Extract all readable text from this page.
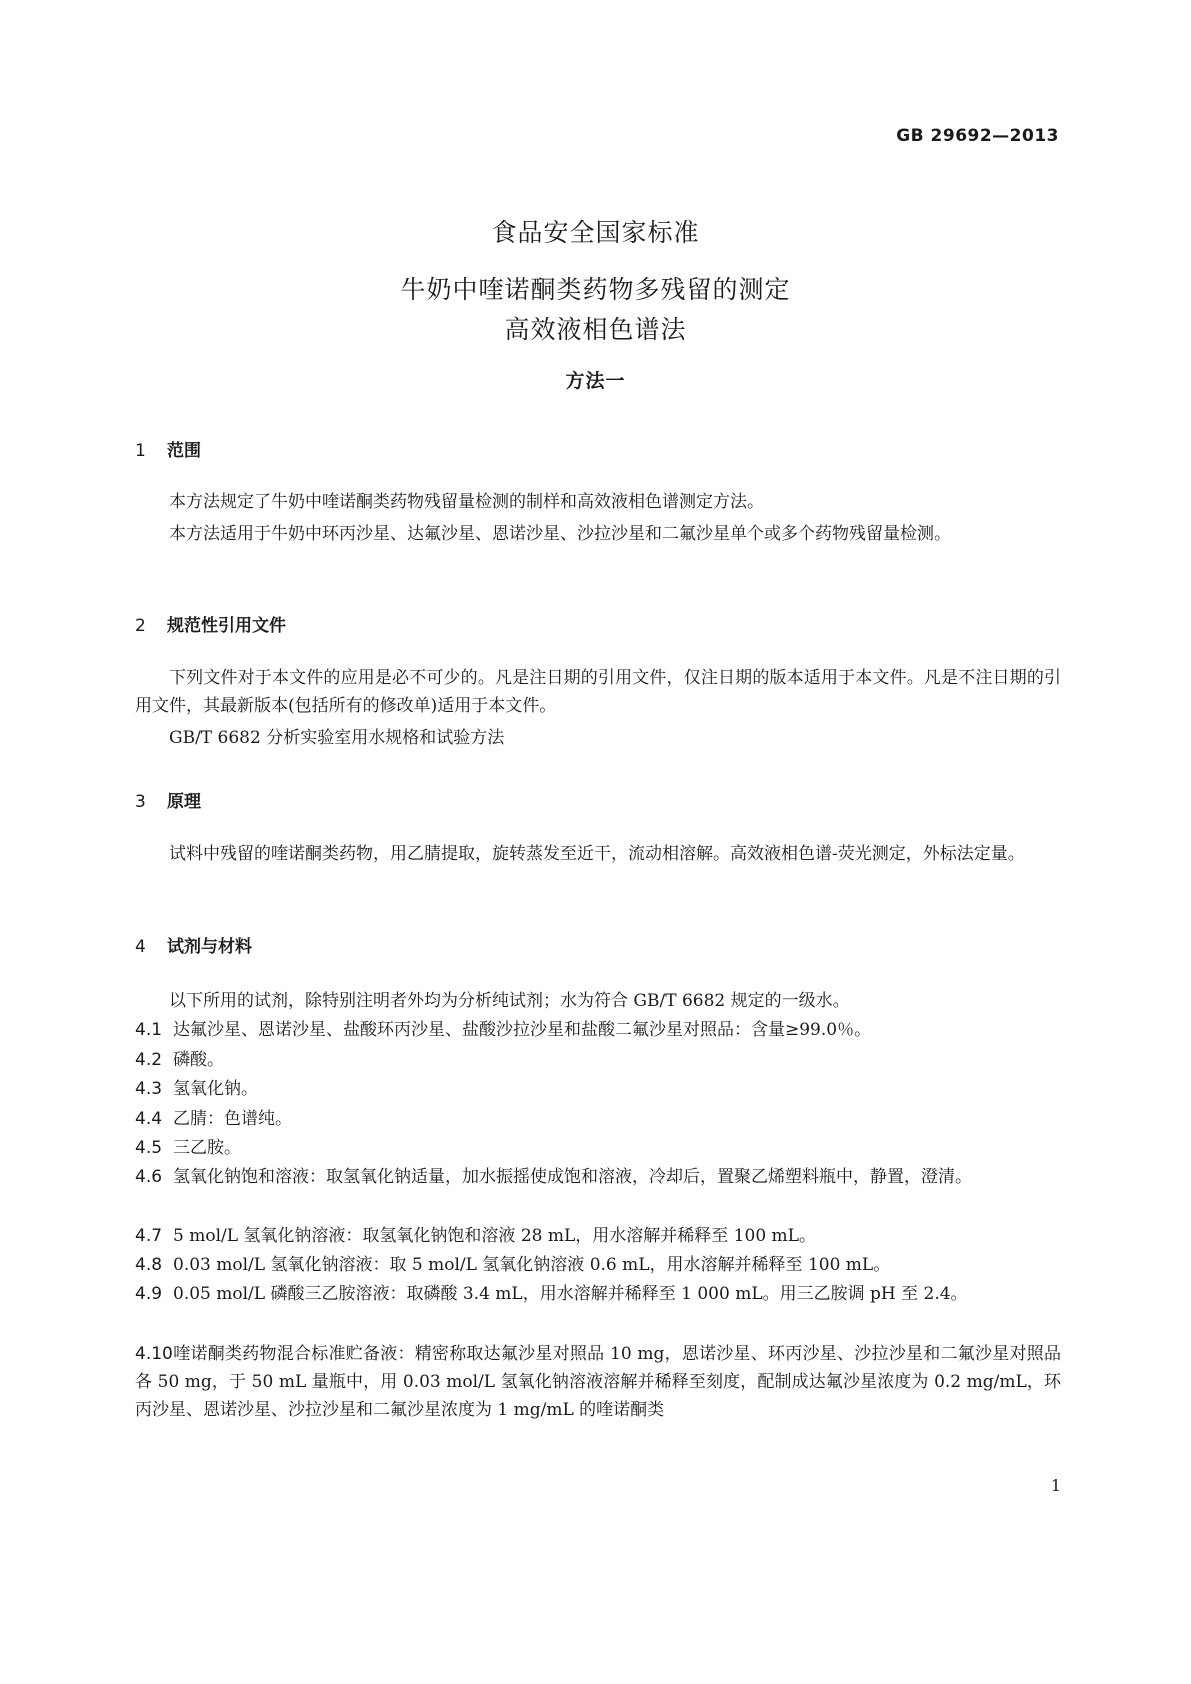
GB 29692—2013
食品安全国家标准
牛奶中喹诺酮类药物多残留的测定
高效液相色谱法
方法一
1 范围
本方法规定了牛奶中喹诺酮类药物残留量检测的制样和高效液相色谱测定方法。
本方法适用于牛奶中环丙沙星、达氟沙星、恩诺沙星、沙拉沙星和二氟沙星单个或多个药物残留量检测。
2 规范性引用文件
下列文件对于本文件的应用是必不可少的。凡是注日期的引用文件，仅注日期的版本适用于本文件。凡是不注日期的引用文件，其最新版本(包括所有的修改单)适用于本文件。
GB/T 6682 分析实验室用水规格和试验方法
3 原理
试料中残留的喹诺酮类药物，用乙腈提取，旋转蒸发至近干，流动相溶解。高效液相色谱-荧光测定，外标法定量。
4 试剂与材料
以下所用的试剂，除特别注明者外均为分析纯试剂；水为符合 GB/T 6682 规定的一级水。
4.1 达氟沙星、恩诺沙星、盐酸环丙沙星、盐酸沙拉沙星和盐酸二氟沙星对照品：含量≥99.0％。
4.2 磷酸。
4.3 氢氧化钠。
4.4 乙腈：色谱纯。
4.5 三乙胺。
4.6 氢氧化钠饱和溶液：取氢氧化钠适量，加水振摇使成饱和溶液，冷却后，置聚乙烯塑料瓶中，静置，澄清。
4.7 5 mol/L 氢氧化钠溶液：取氢氧化钠饱和溶液 28 mL，用水溶解并稀释至 100 mL。
4.8 0.03 mol/L 氢氧化钠溶液：取 5 mol/L 氢氧化钠溶液 0.6 mL，用水溶解并稀释至 100 mL。
4.9 0.05 mol/L 磷酸三乙胺溶液：取磷酸 3.4 mL，用水溶解并稀释至 1 000 mL。用三乙胺调 pH 至 2.4。
4.10喹诺酮类药物混合标准贮备液：精密称取达氟沙星对照品 10 mg，恩诺沙星、环丙沙星、沙拉沙星和二氟沙星对照品各 50 mg，于 50 mL 量瓶中，用 0.03 mol/L 氢氧化钠溶液溶解并稀释至刻度，配制成达氟沙星浓度为 0.2 mg/mL，环丙沙星、恩诺沙星、沙拉沙星和二氟沙星浓度为 1 mg/mL 的喹诺酮类
1
